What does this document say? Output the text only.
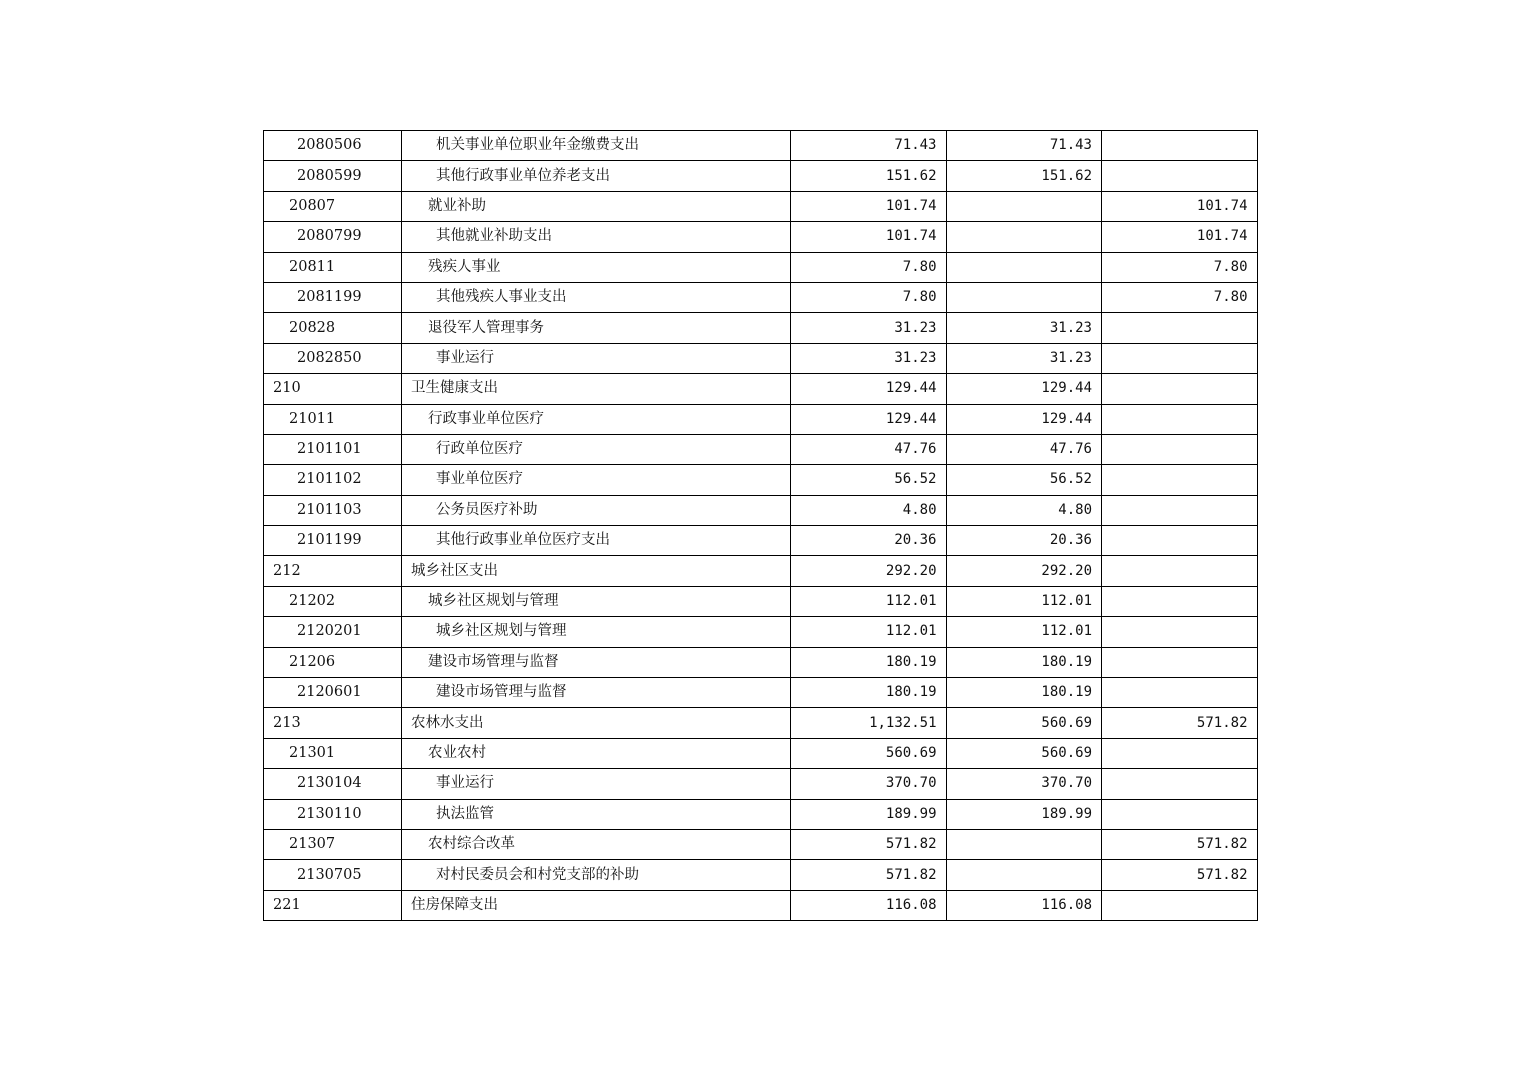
2080506	机关事业单位职业年金缴费支出	71.43	71.43	
2080599	其他行政事业单位养老支出	151.62	151.62	
20807	就业补助	101.74		101.74
2080799	其他就业补助支出	101.74		101.74
20811	残疾人事业	7.80		7.80
2081199	其他残疾人事业支出	7.80		7.80
20828	退役军人管理事务	31.23	31.23	
2082850	事业运行	31.23	31.23	
210	卫生健康支出	129.44	129.44	
21011	行政事业单位医疗	129.44	129.44	
2101101	行政单位医疗	47.76	47.76	
2101102	事业单位医疗	56.52	56.52	
2101103	公务员医疗补助	4.80	4.80	
2101199	其他行政事业单位医疗支出	20.36	20.36	
212	城乡社区支出	292.20	292.20	
21202	城乡社区规划与管理	112.01	112.01	
2120201	城乡社区规划与管理	112.01	112.01	
21206	建设市场管理与监督	180.19	180.19	
2120601	建设市场管理与监督	180.19	180.19	
213	农林水支出	1,132.51	560.69	571.82
21301	农业农村	560.69	560.69	
2130104	事业运行	370.70	370.70	
2130110	执法监管	189.99	189.99	
21307	农村综合改革	571.82		571.82
2130705	对村民委员会和村党支部的补助	571.82		571.82
221	住房保障支出	116.08	116.08	
